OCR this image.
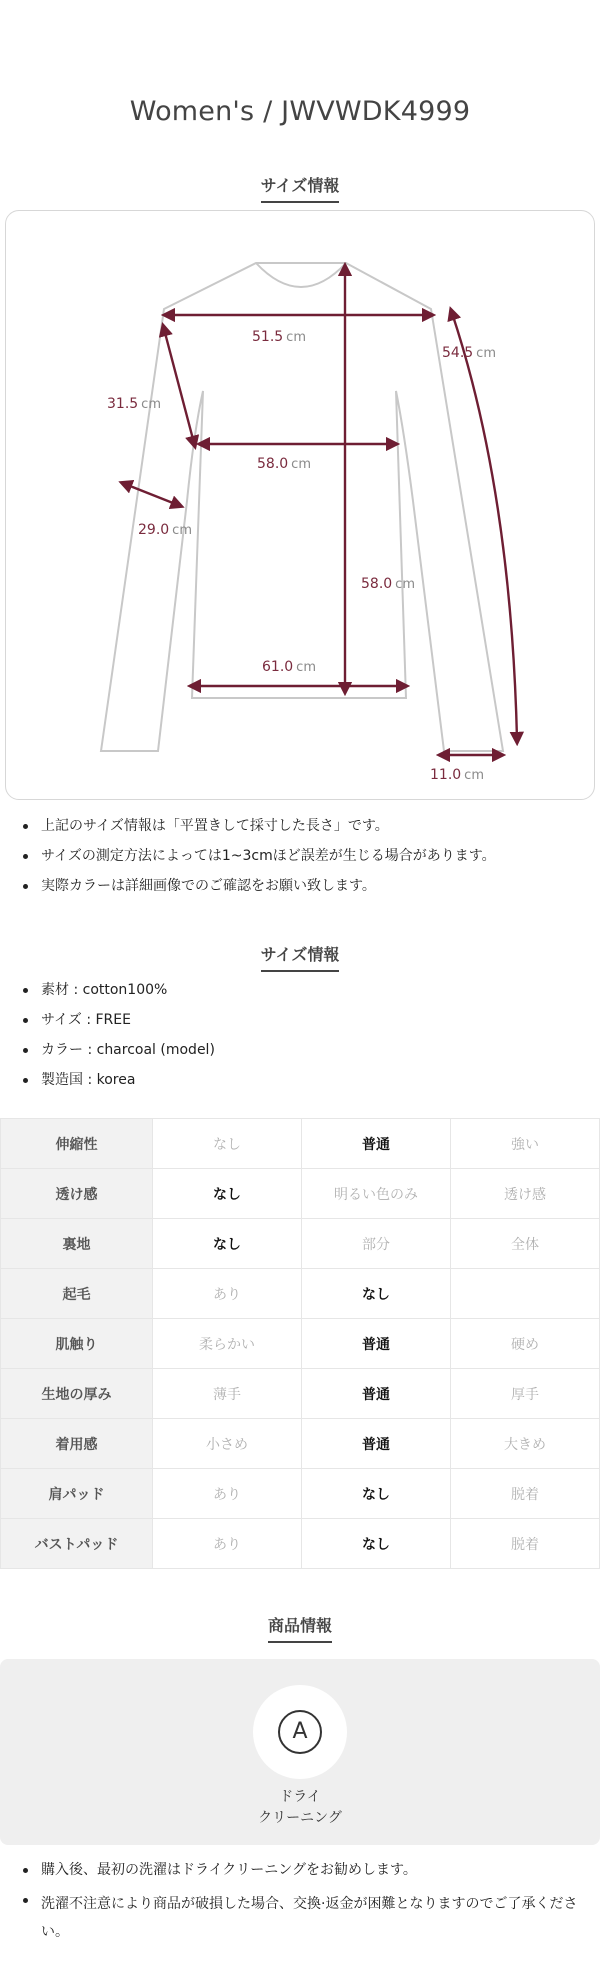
Women's / JWVWDK4999
サイズ情報
51.5 cm
54.5 cm
31.5 cm
58.0 cm
29.0 cm
58.0 cm
61.0 cm
11.0 cm
上記のサイズ情報は「平置きして採寸した長さ」です。
サイズの測定方法によっては1~3cmほど誤差が生じる場合があります。
実際カラーは詳細画像でのご確認をお願い致します。
サイズ情報
素材 : cotton100%
サイズ : FREE
カラー : charcoal (model)
製造国 : korea
伸縮性	なし	普通	強い
透け感	なし	明るい色のみ	透け感
裏地	なし	部分	全体
起毛	あり	なし	
肌触り	柔らかい	普通	硬め
生地の厚み	薄手	普通	厚手
着用感	小さめ	普通	大きめ
肩パッド	あり	なし	脱着
バストパッド	あり	なし	脱着
商品情報
A
ドライ
クリーニング
購入後、最初の洗濯はドライクリーニングをお勧めします。
洗濯不注意により商品が破損した場合、交換·返金が困難となりますのでご了承ください。
